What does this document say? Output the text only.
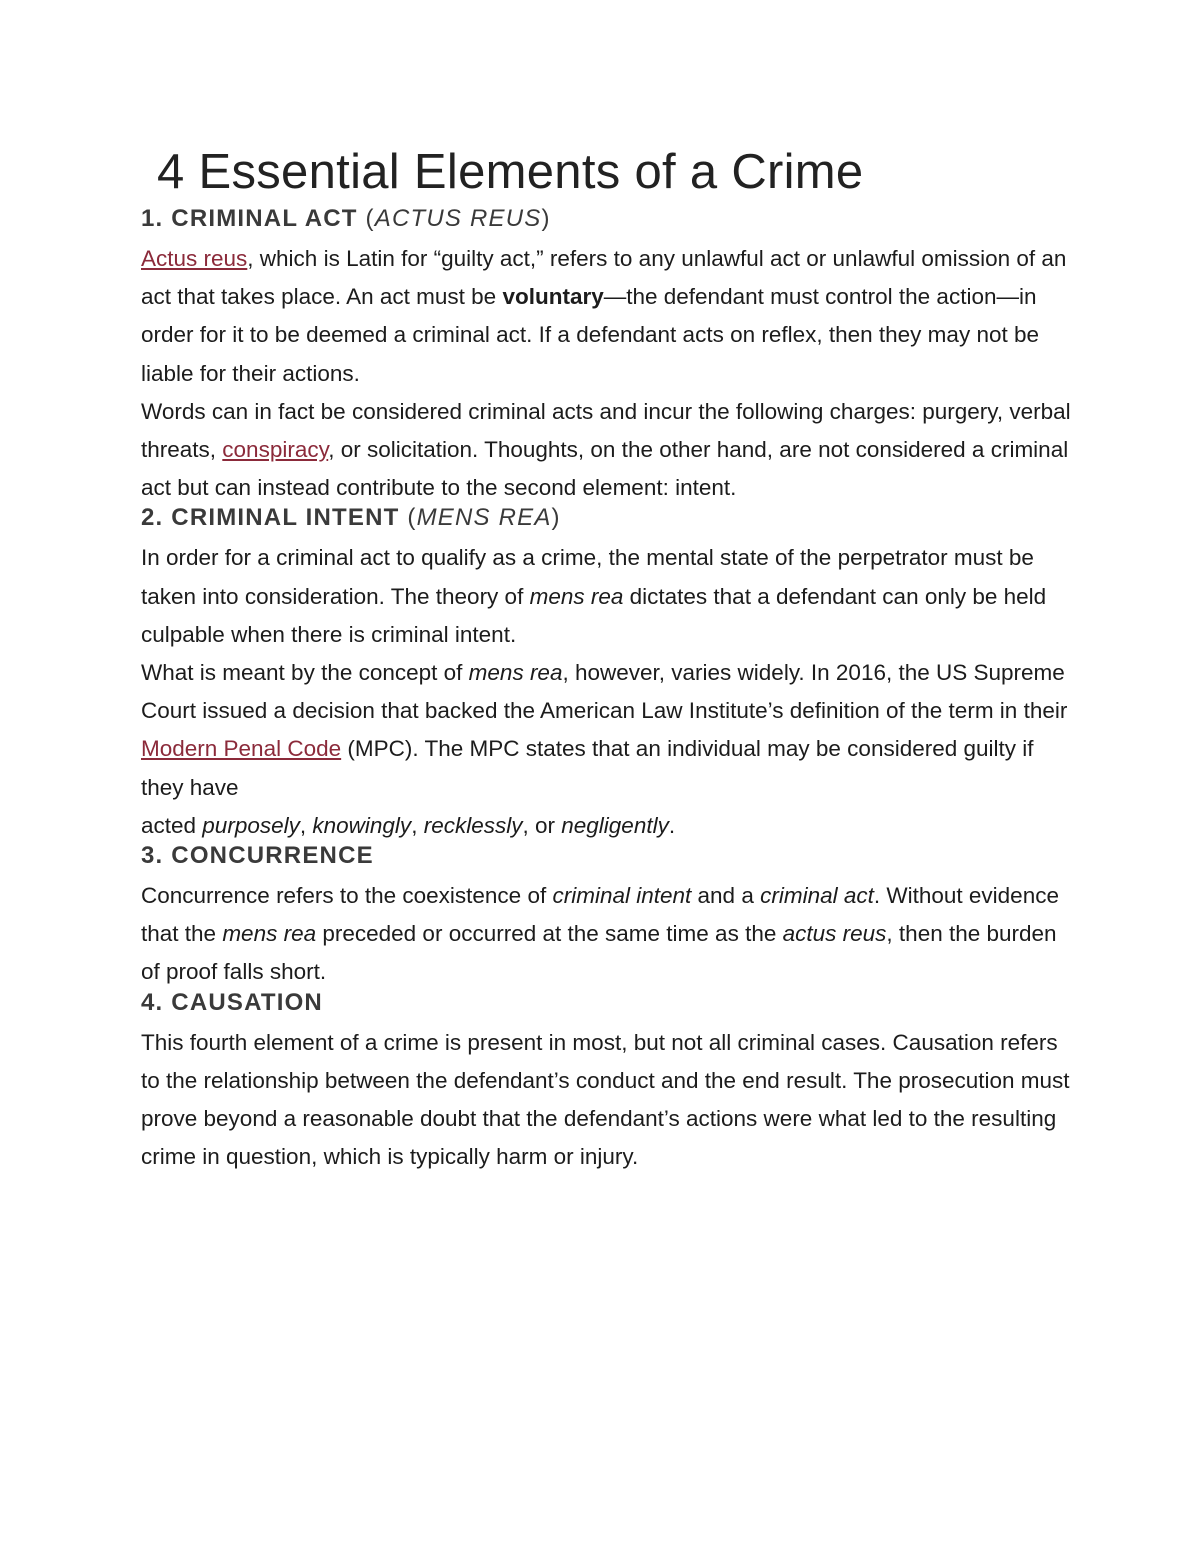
4 Essential Elements of a Crime
1. CRIMINAL ACT (ACTUS REUS)

Actus reus, which is Latin for “guilty act,” refers to any unlawful act or unlawful omission of an act that takes place. An act must be voluntary—the defendant must control the action—in order for it to be deemed a criminal act. If a defendant acts on reflex, then they may not be liable for their actions.

Words can in fact be considered criminal acts and incur the following charges: purgery, verbal threats, conspiracy, or solicitation. Thoughts, on the other hand, are not considered a criminal act but can instead contribute to the second element: intent.

2. CRIMINAL INTENT (MENS REA)

In order for a criminal act to qualify as a crime, the mental state of the perpetrator must be taken into consideration. The theory of mens rea dictates that a defendant can only be held culpable when there is criminal intent.

What is meant by the concept of mens rea, however, varies widely. In 2016, the US Supreme Court issued a decision that backed the American Law Institute’s definition of the term in their Modern Penal Code (MPC). The MPC states that an individual may be considered guilty if they have
acted purposely, knowingly, recklessly, or negligently.

3. CONCURRENCE

Concurrence refers to the coexistence of criminal intent and a criminal act. Without evidence that the mens rea preceded or occurred at the same time as the actus reus, then the burden of proof falls short.

4. CAUSATION

This fourth element of a crime is present in most, but not all criminal cases. Causation refers to the relationship between the defendant’s conduct and the end result. The prosecution must prove beyond a reasonable doubt that the defendant’s actions were what led to the resulting crime in question, which is typically harm or injury.
